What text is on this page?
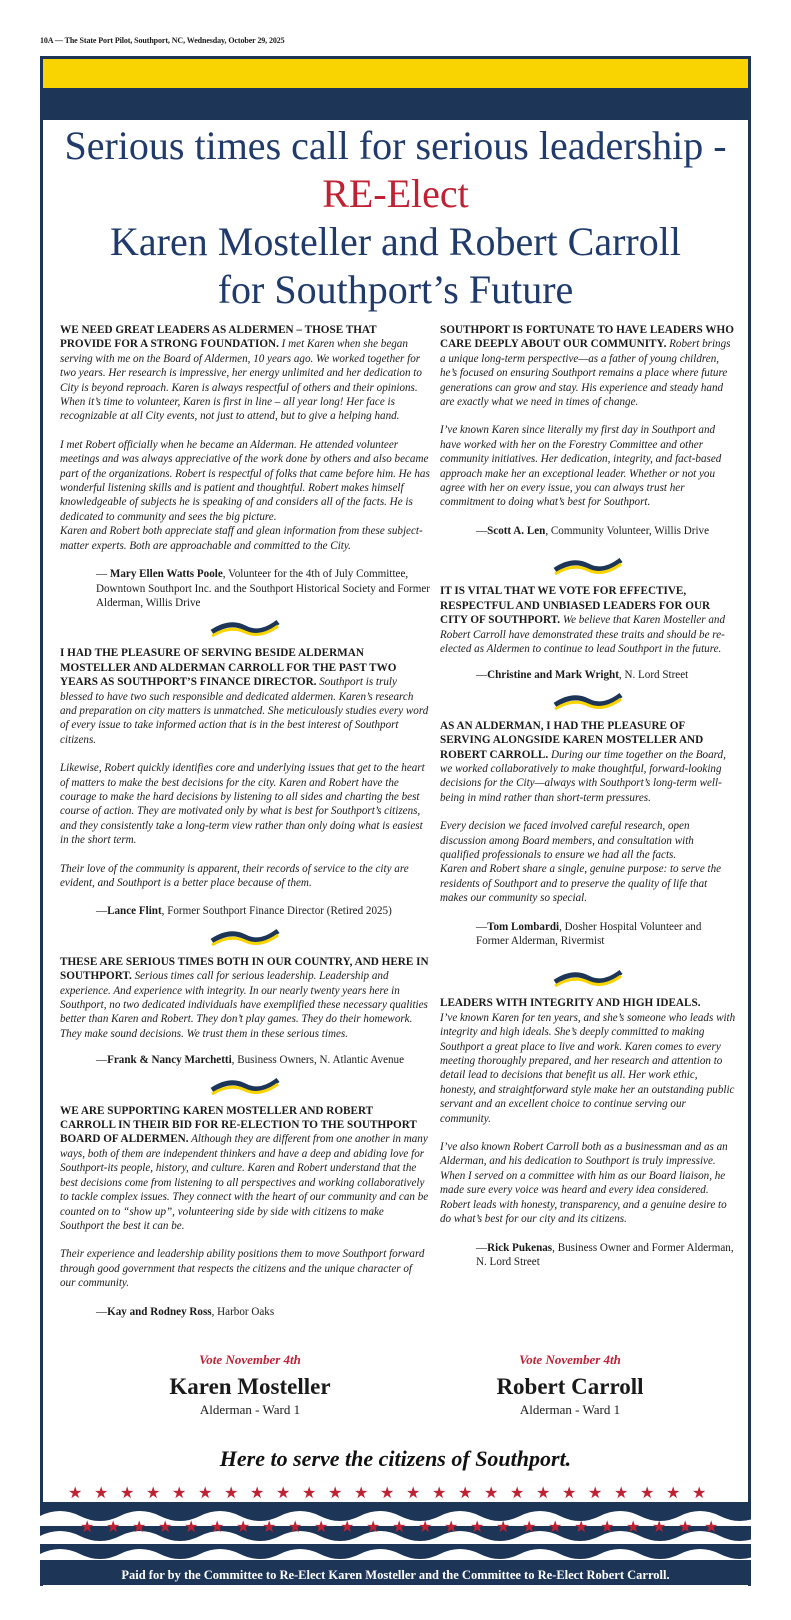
10A — The State Port Pilot, Southport, NC, Wednesday, October 29, 2025
Serious times call for serious leadership -
RE-Elect
Karen Mosteller and Robert Carroll
for Southport’s Future

WE NEED GREAT LEADERS AS ALDERMEN – THOSE THAT PROVIDE FOR A STRONG FOUNDATION. I met Karen when she began serving with me on the Board of Aldermen, 10 years ago. We worked together for two years. Her research is impressive, her energy unlimited and her dedication to City is beyond reproach. Karen is always respectful of others and their opinions. When it’s time to volunteer, Karen is first in line – all year long! Her face is recognizable at all City events, not just to attend, but to give a helping hand.

I met Robert officially when he became an Alderman. He attended volunteer meetings and was always appreciative of the work done by others and also became part of the organizations. Robert is respectful of folks that came before him. He has wonderful listening skills and is patient and thoughtful. Robert makes himself knowledgeable of subjects he is speaking of and considers all of the facts. He is dedicated to community and sees the big picture.

Karen and Robert both appreciate staff and glean information from these subject-matter experts. Both are approachable and committed to the City.

— Mary Ellen Watts Poole, Volunteer for the 4th of July Committee, Downtown Southport Inc. and the Southport Historical Society and Former Alderman, Willis Drive

I HAD THE PLEASURE OF SERVING BESIDE ALDERMAN MOSTELLER AND ALDERMAN CARROLL FOR THE PAST TWO YEARS AS SOUTHPORT’S FINANCE DIRECTOR. Southport is truly blessed to have two such responsible and dedicated aldermen. Karen’s research and preparation on city matters is unmatched. She meticulously studies every word of every issue to take informed action that is in the best interest of Southport citizens.

Likewise, Robert quickly identifies core and underlying issues that get to the heart of matters to make the best decisions for the city. Karen and Robert have the courage to make the hard decisions by listening to all sides and charting the best course of action. They are motivated only by what is best for Southport’s citizens, and they consistently take a long-term view rather than only doing what is easiest in the short term.

Their love of the community is apparent, their records of service to the city are evident, and Southport is a better place because of them.

—Lance Flint, Former Southport Finance Director (Retired 2025)

THESE ARE SERIOUS TIMES BOTH IN OUR COUNTRY, AND HERE IN SOUTHPORT. Serious times call for serious leadership. Leadership and experience. And experience with integrity. In our nearly twenty years here in Southport, no two dedicated individuals have exemplified these necessary qualities better than Karen and Robert. They don’t play games. They do their homework. They make sound decisions. We trust them in these serious times.

—Frank & Nancy Marchetti, Business Owners, N. Atlantic Avenue

WE ARE SUPPORTING KAREN MOSTELLER AND ROBERT CARROLL IN THEIR BID FOR RE-ELECTION TO THE SOUTHPORT BOARD OF ALDERMEN. Although they are different from one another in many ways, both of them are independent thinkers and have a deep and abiding love for Southport-its people, history, and culture. Karen and Robert understand that the best decisions come from listening to all perspectives and working collaboratively to tackle complex issues. They connect with the heart of our community and can be counted on to “show up”, volunteering side by side with citizens to make Southport the best it can be.

Their experience and leadership ability positions them to move Southport forward through good government that respects the citizens and the unique character of our community.

—Kay and Rodney Ross, Harbor Oaks

SOUTHPORT IS FORTUNATE TO HAVE LEADERS WHO CARE DEEPLY ABOUT OUR COMMUNITY. Robert brings a unique long-term perspective—as a father of young children, he’s focused on ensuring Southport remains a place where future generations can grow and stay. His experience and steady hand are exactly what we need in times of change.

I’ve known Karen since literally my first day in Southport and have worked with her on the Forestry Committee and other community initiatives. Her dedication, integrity, and fact-based approach make her an exceptional leader. Whether or not you agree with her on every issue, you can always trust her commitment to doing what’s best for Southport.

—Scott A. Len, Community Volunteer, Willis Drive

IT IS VITAL THAT WE VOTE FOR EFFECTIVE, RESPECTFUL AND UNBIASED LEADERS FOR OUR CITY OF SOUTHPORT. We believe that Karen Mosteller and Robert Carroll have demonstrated these traits and should be re-elected as Aldermen to continue to lead Southport in the future.

—Christine and Mark Wright, N. Lord Street

AS AN ALDERMAN, I HAD THE PLEASURE OF SERVING ALONGSIDE KAREN MOSTELLER AND ROBERT CARROLL. During our time together on the Board, we worked collaboratively to make thoughtful, forward-looking decisions for the City—always with Southport’s long-term well-being in mind rather than short-term pressures.

Every decision we faced involved careful research, open discussion among Board members, and consultation with qualified professionals to ensure we had all the facts.

Karen and Robert share a single, genuine purpose: to serve the residents of Southport and to preserve the quality of life that makes our community so special.

—Tom Lombardi, Dosher Hospital Volunteer and Former Alderman, Rivermist

LEADERS WITH INTEGRITY AND HIGH IDEALS.

I’ve known Karen for ten years, and she’s someone who leads with integrity and high ideals. She’s deeply committed to making Southport a great place to live and work. Karen comes to every meeting thoroughly prepared, and her research and attention to detail lead to decisions that benefit us all. Her work ethic, honesty, and straightforward style make her an outstanding public servant and an excellent choice to continue serving our community.

I’ve also known Robert Carroll both as a businessman and as an Alderman, and his dedication to Southport is truly impressive. When I served on a committee with him as our Board liaison, he made sure every voice was heard and every idea considered. Robert leads with honesty, transparency, and a genuine desire to do what’s best for our city and its citizens.

—Rick Pukenas, Business Owner and Former Alderman, N. Lord Street

Vote November 4th
Karen Mosteller
Alderman - Ward 1
Vote November 4th
Robert Carroll
Alderman - Ward 1
Here to serve the citizens of Southport.
★ ★ ★ ★ ★ ★ ★ ★ ★ ★ ★ ★ ★ ★ ★ ★ ★ ★ ★ ★ ★ ★ ★ ★ ★
★ ★ ★ ★ ★ ★ ★ ★ ★ ★ ★ ★ ★ ★ ★ ★ ★ ★ ★ ★ ★ ★ ★ ★ ★
Paid for by the Committee to Re-Elect Karen Mosteller and the Committee to Re-Elect Robert Carroll.
